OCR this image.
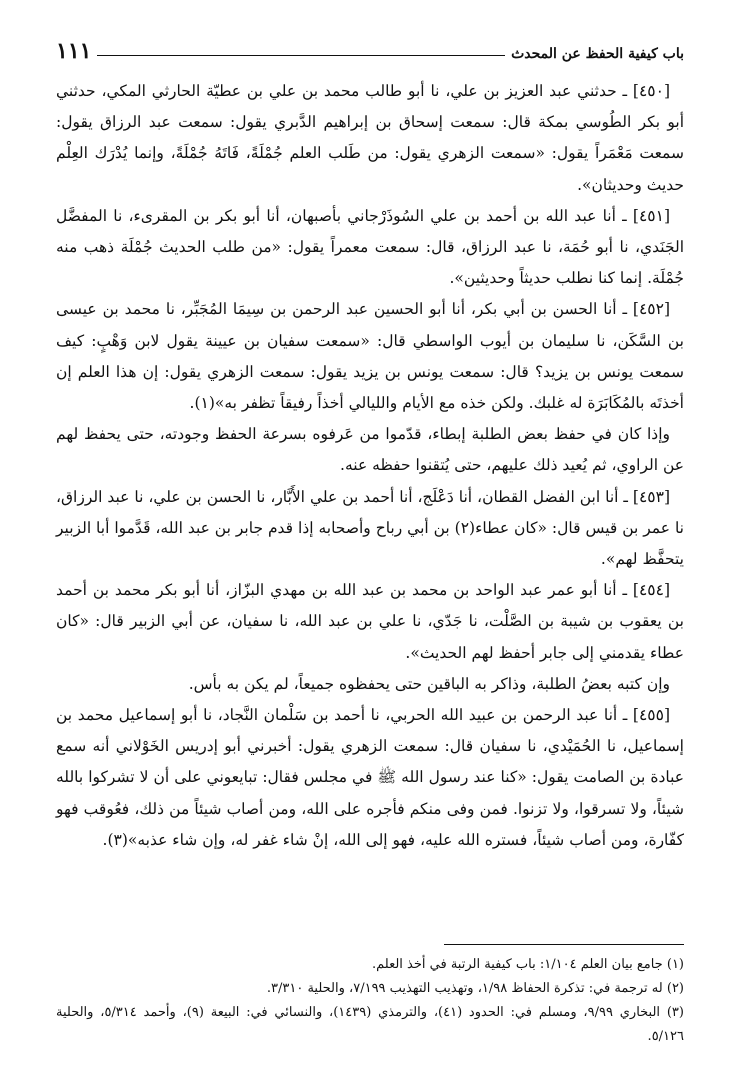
باب كيفية الحفظ عن المحدث
١١١

[٤٥٠] ـ حدثني عبد العزيز بن علي، نا أبو طالب محمد بن علي بن عطيّة الحارثي المكي، حدثني أبو بكر الطُوسي بمكة قال: سمعت إسحاق بن إبراهيم الدَّبري يقول: سمعت عبد الرزاق يقول: سمعت مَعْمَراً يقول: «سمعت الزهري يقول: من طَلب العلم جُمْلَةً، فَاتَهُ جُمْلَةً، وإنما يُدْرَك العِلْم حديث وحديثان».

[٤٥١] ـ أنا عبد الله بن أحمد بن علي السُوذَرْجاني بأصبهان، أنا أبو بكر بن المقرىء، نا المفضَّل الجَنَدي، نا أبو حُمَة، نا عبد الرزاق، قال: سمعت معمراً يقول: «من طلب الحديث جُمْلَة ذهب منه جُمْلَة. إنما كنا نطلب حديثاً وحديثين».

[٤٥٢] ـ أنا الحسن بن أبي بكر، أنا أبو الحسين عبد الرحمن بن سِيمَا المُجَبِّر، نا محمد بن عيسى بن السَّكَن، نا سليمان بن أيوب الواسطي قال: «سمعت سفيان بن عيينة يقول لابن وَهْبٍ: كيف سمعت يونس بن يزيد؟ قال: سمعت يونس بن يزيد يقول: سمعت الزهري يقول: إن هذا العلم إن أخذتَه بالمُكَابَرَة له غلبك. ولكن خذه مع الأيام والليالي أخذاً رفيقاً تظفر به»(١).

وإذا كان في حفظ بعض الطلبة إبطاء، قدّموا من عَرفوه بسرعة الحفظ وجودته، حتى يحفظ لهم عن الراوي، ثم يُعيد ذلك عليهم، حتى يُتقنوا حفظه عنه.

[٤٥٣] ـ أنا ابن الفضل القطان، أنا دَعْلَج، أنا أحمد بن علي الأَبَّار، نا الحسن بن علي، نا عبد الرزاق، نا عمر بن قيس قال: «كان عطاء(٢) بن أبي رباح وأصحابه إذا قدم جابر بن عبد الله، قَدَّموا أبا الزبير يتحفَّظ لهم».

[٤٥٤] ـ أنا أبو عمر عبد الواحد بن محمد بن عبد الله بن مهدي البزّاز، أنا أبو بكر محمد بن أحمد بن يعقوب بن شيبة بن الصَّلْت، نا جَدّي، نا علي بن عبد الله، نا سفيان، عن أبي الزبير قال: «كان عطاء يقدمني إلى جابر أحفظ لهم الحديث».

وإن كتبه بعضُ الطلبة، وذاكر به الباقين حتى يحفظوه جميعاً، لم يكن به بأس.

[٤٥٥] ـ أنا عبد الرحمن بن عبيد الله الحربي، نا أحمد بن سَلْمان النَّجاد، نا أبو إسماعيل محمد بن إسماعيل، نا الحُمَيْدي، نا سفيان قال: سمعت الزهري يقول: أخبرني أبو إدريس الخَوْلاني أنه سمع عبادة بن الصامت يقول: «كنا عند رسول الله ﷺ في مجلس فقال: تبايعوني على أن لا تشركوا بالله شيئاً، ولا تسرقوا، ولا تزنوا. فمن وفى منكم فأجره على الله، ومن أصاب شيئاً من ذلك، فعُوقب فهو كفّارة، ومن أصاب شيئاً، فستره الله عليه، فهو إلى الله، إنْ شاء غفر له، وإن شاء عذبه»(٣).

(١) جامع بيان العلم ١/١٠٤: باب كيفية الرتبة في أخذ العلم.

(٢) له ترجمة في: تذكرة الحفاظ ١/٩٨، وتهذيب التهذيب ٧/١٩٩، والحلية ٣/٣١٠.

(٣) البخاري ٩/٩٩، ومسلم في: الحدود (٤١)، والترمذي (١٤٣٩)، والنسائي في: البيعة (٩)، وأحمد ٥/٣١٤، والحلية ٥/١٢٦.
